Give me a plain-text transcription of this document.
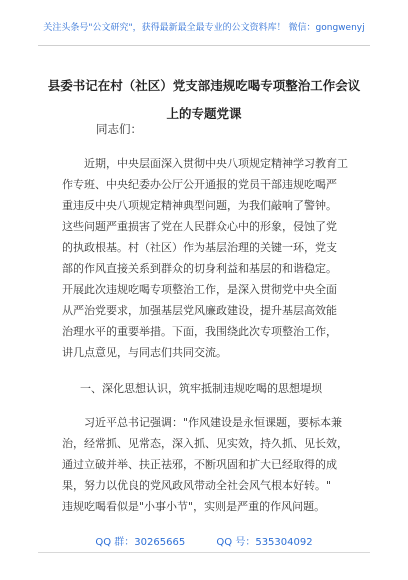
关注头条号"公文研究"，获得最新最全最专业的公文资料库！ 微信：gongwenyj
县委书记在村（社区）党支部违规吃喝专项整治工作会议
上的专题党课
同志们：
　　近期，中央层面深入贯彻中央八项规定精神学习教育工
作专班、中央纪委办公厅公开通报的党员干部违规吃喝严
重违反中央八项规定精神典型问题，为我们敲响了警钟。
这些问题严重损害了党在人民群众心中的形象，侵蚀了党
的执政根基。村（社区）作为基层治理的关键一环，党支
部的作风直接关系到群众的切身利益和基层的和谐稳定。
开展此次违规吃喝专项整治工作，是深入贯彻党中央全面
从严治党要求，加强基层党风廉政建设，提升基层高效能
治理水平的重要举措。下面，我围绕此次专项整治工作，
讲几点意见，与同志们共同交流。
一、深化思想认识，筑牢抵制违规吃喝的思想堤坝
　　习近平总书记强调："作风建设是永恒课题，要标本兼
治，经常抓、见常态，深入抓、见实效，持久抓、见长效，
通过立破并举、扶正祛邪，不断巩固和扩大已经取得的成
果，努力以优良的党风政风带动全社会风气根本好转。"
违规吃喝看似是"小事小节"，实则是严重的作风问题。
QQ 群：30265665	QQ 号：535304092
